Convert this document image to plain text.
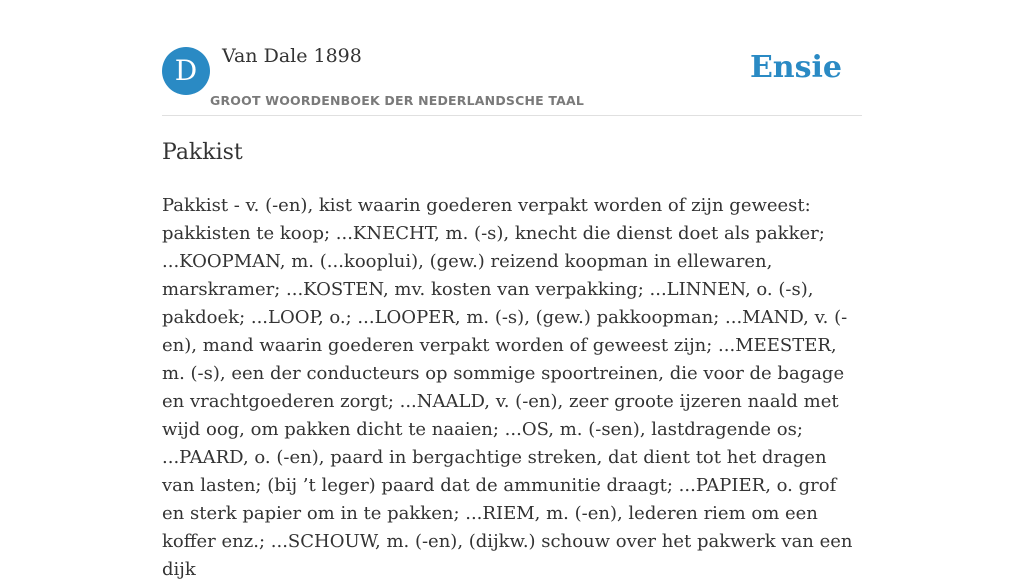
D	Van Dale 1898
GROOT WOORDENBOEK DER NEDERLANDSCHE TAAL
Ensie
Pakkist

Pakkist - v. (-en), kist waarin goederen verpakt worden of zijn geweest: pakkisten te koop; ...KNECHT, m. (-s), knecht die dienst doet als pakker; ...KOOPMAN, m. (...kooplui), (gew.) reizend koopman in ellewaren, marskramer; ...KOSTEN, mv. kosten van verpakking; ...LINNEN, o. (-s), pakdoek; ...LOOP, o.; ...LOOPER, m. (-s), (gew.) pakkoopman; ...MAND, v. (-en), mand waarin goederen verpakt worden of geweest zijn; ...MEESTER, m. (-s), een der conducteurs op sommige spoortreinen, die voor de bagage en vrachtgoederen zorgt; ...NAALD, v. (-en), zeer groote ijzeren naald met wijd oog, om pakken dicht te naaien; ...OS, m. (-sen), lastdragende os; ...PAARD, o. (-en), paard in bergachtige streken, dat dient tot het dragen van lasten; (bij ’t leger) paard dat de ammunitie draagt; ...PAPIER, o. grof en sterk papier om in te pakken; ...RIEM, m. (-en), lederen riem om een koffer enz.; ...SCHOUW, m. (-en), (dijkw.) schouw over het pakwerk van een dijk
